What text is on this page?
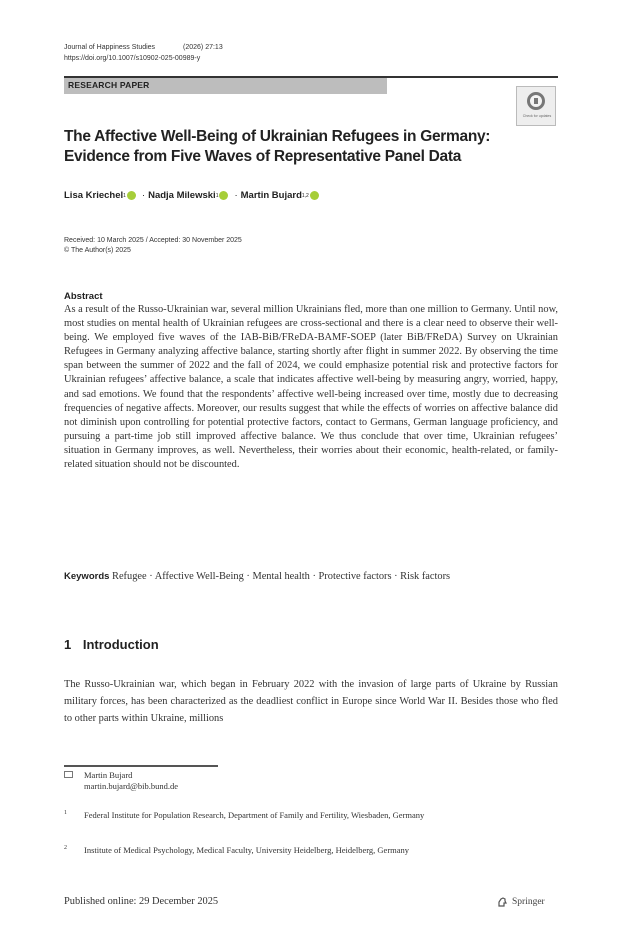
Journal of Happiness Studies	(2026) 27:13
https://doi.org/10.1007/s10902-025-00989-y
RESEARCH PAPER
Check for updates
The Affective Well-Being of Ukrainian Refugees in Germany:
Evidence from Five Waves of Representative Panel Data
Lisa Kriechel 1 · Nadja Milewski 1 · Martin Bujard 1,2
Received: 10 March 2025 / Accepted: 30 November 2025
© The Author(s) 2025
Abstract
As a result of the Russo-Ukrainian war, several million Ukrainians fled, more than one million to Germany. Until now, most studies on mental health of Ukrainian refugees are cross-sectional and there is a clear need to observe their well-being. We employed five waves of the IAB-BiB/FReDA-BAMF-SOEP (later BiB/FReDA) Survey on Ukrainian Refugees in Germany analyzing affective balance, starting shortly after flight in summer 2022. By observing the time span between the summer of 2022 and the fall of 2024, we could emphasize potential risk and protective factors for Ukrainian refugees’ affective balance, a scale that indicates affective well-being by measuring angry, worried, happy, and sad emotions. We found that the respondents’ affective well-being increased over time, mostly due to decreasing frequencies of negative affects. Moreover, our results suggest that while the effects of worries on affective balance did not diminish upon controlling for potential protective factors, contact to Germans, German language proficiency, and pursuing a part-time job still improved affective balance. We thus conclude that over time, Ukrainian refugees’ situation in Germany improves, as well. Nevertheless, their worries about their economic, health-related, or family-related situation should not be discounted.
Keywords Refugee · Affective Well-Being · Mental health · Protective factors · Risk factors
1 Introduction
The Russo-Ukrainian war, which began in February 2022 with the invasion of large parts of Ukraine by Russian military forces, has been characterized as the deadliest conflict in Europe since World War II. Besides those who fled to other parts within Ukraine, millions
Martin Bujard
martin.bujard@bib.bund.de
1 Federal Institute for Population Research, Department of Family and Fertility, Wiesbaden, Germany
2 Institute of Medical Psychology, Medical Faculty, University Heidelberg, Heidelberg, Germany
Published online: 29 December 2025	Springer
